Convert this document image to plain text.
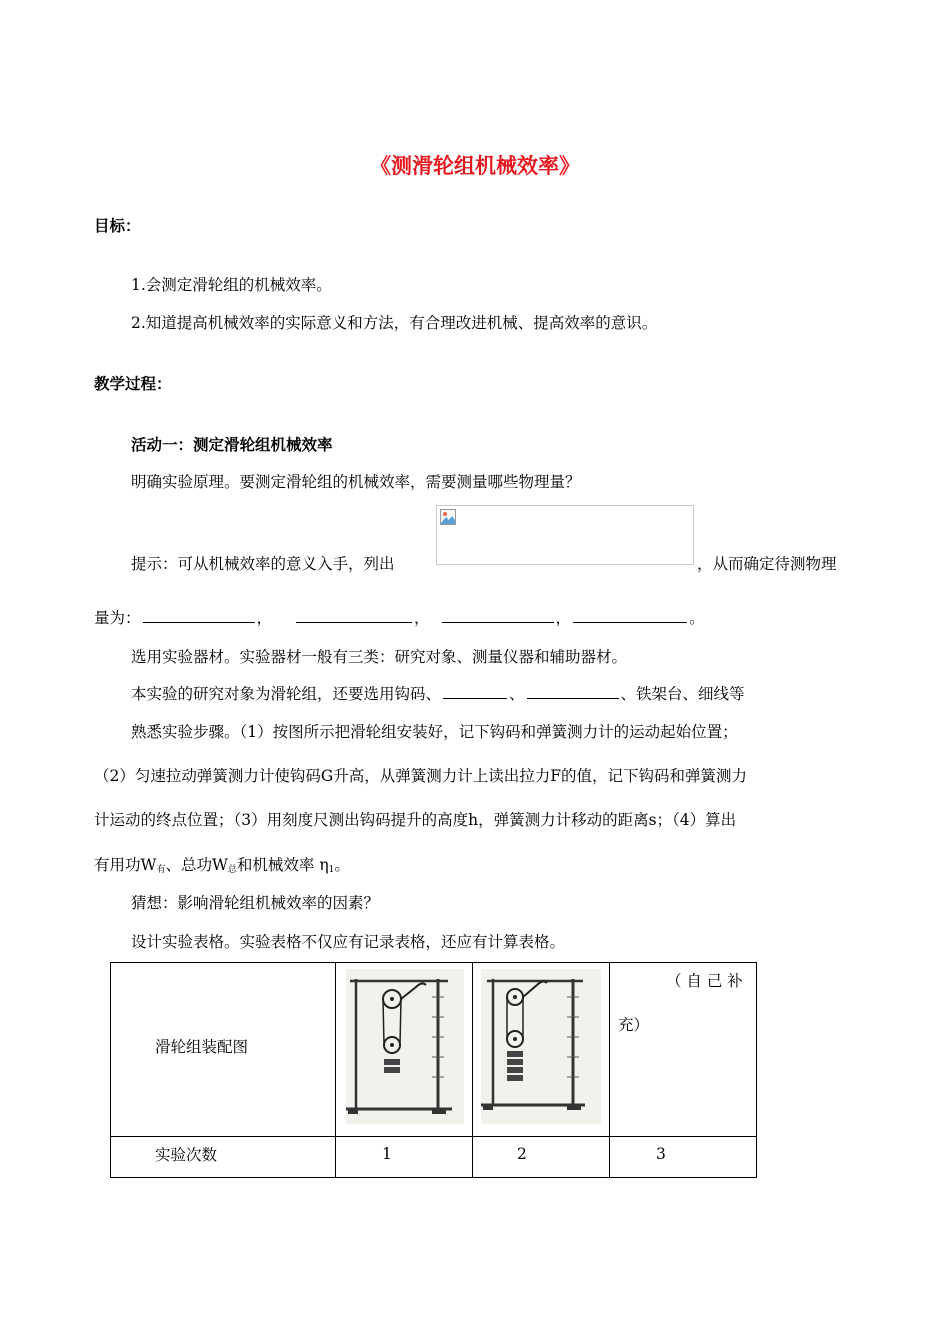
《测滑轮组机械效率》
目标：
1.会测定滑轮组的机械效率。
2.知道提高机械效率的实际意义和方法，有合理改进机械、提高效率的意识。
教学过程：
活动一：测定滑轮组机械效率
明确实验原理。要测定滑轮组的机械效率，需要测量哪些物理量？
提示：可从机械效率的意义入手，列出	，从而确定待测物理
量为：	，	，	，	。
选用实验器材。实验器材一般有三类：研究对象、测量仪器和辅助器材。
本实验的研究对象为滑轮组，还要选用钩码、	、	、铁架台、细线等
熟悉实验步骤。（1）按图所示把滑轮组安装好，记下钩码和弹簧测力计的运动起始位置；
（2）匀速拉动弹簧测力计使钩码G升高，从弹簧测力计上读出拉力F的值，记下钩码和弹簧测力
计运动的终点位置；（3）用刻度尺测出钩码提升的高度h，弹簧测力计移动的距离s；（4）算出
有用功$W_有$、总功$W_总$和机械效率 $\eta_1$。
猜想：影响滑轮组机械效率的因素？
设计实验表格。实验表格不仅应有记录表格，还应有计算表格。
滑轮组装配图			（ 自 己 补
充）

实验次数	1	2	3
